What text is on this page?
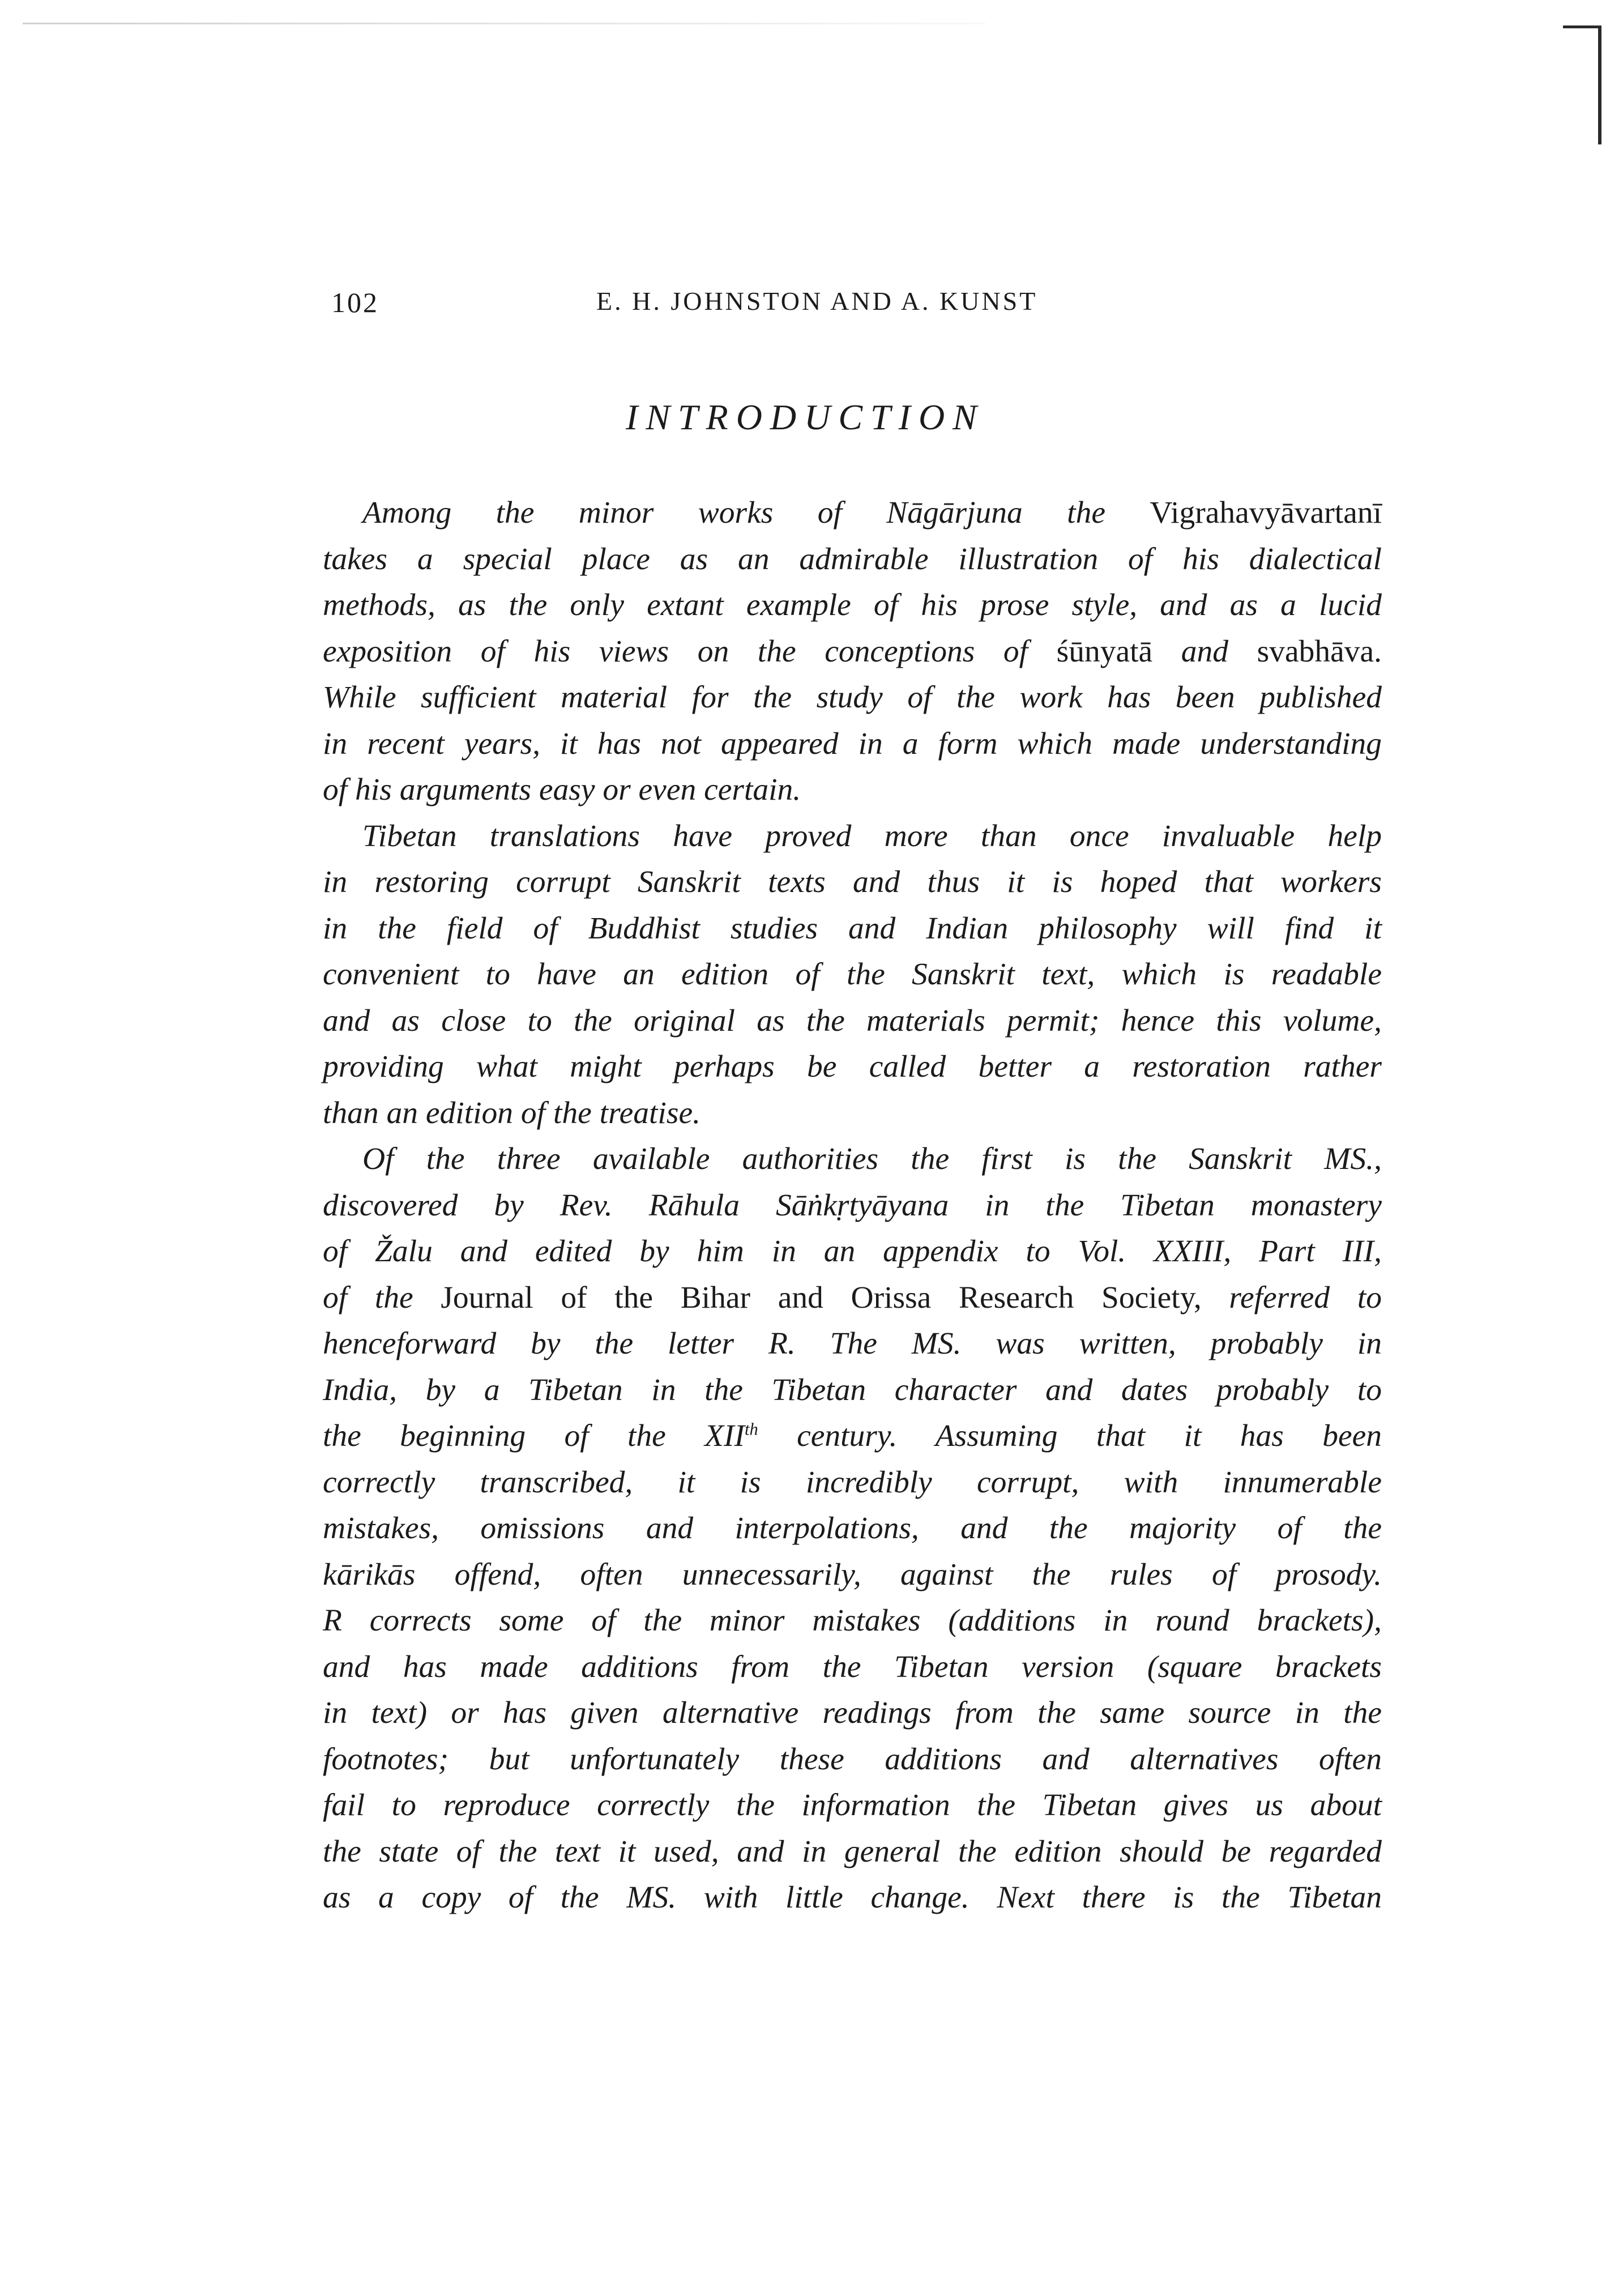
102	E. H. JOHNSTON AND A. KUNST
INTRODUCTION
Among the minor works of Nāgārjuna the Vigrahavyāvartanī
takes a special place as an admirable illustration of his dialectical
methods, as the only extant example of his prose style, and as a lucid
exposition of his views on the conceptions of śūnyatā and svabhāva.
While sufficient material for the study of the work has been published
in recent years, it has not appeared in a form which made understanding
of his arguments easy or even certain.
Tibetan translations have proved more than once invaluable help
in restoring corrupt Sanskrit texts and thus it is hoped that workers
in the field of Buddhist studies and Indian philosophy will find it
convenient to have an edition of the Sanskrit text, which is readable
and as close to the original as the materials permit; hence this volume,
providing what might perhaps be called better a restoration rather
than an edition of the treatise.
Of the three available authorities the first is the Sanskrit MS.,
discovered by Rev. Rāhula Sāṅkṛtyāyana in the Tibetan monastery
of Žalu and edited by him in an appendix to Vol. XXIII, Part III,
of the Journal of the Bihar and Orissa Research Society, referred to
henceforward by the letter R. The MS. was written, probably in
India, by a Tibetan in the Tibetan character and dates probably to
the beginning of the XIIth century. Assuming that it has been
correctly transcribed, it is incredibly corrupt, with innumerable
mistakes, omissions and interpolations, and the majority of the
kārikās offend, often unnecessarily, against the rules of prosody.
R corrects some of the minor mistakes (additions in round brackets),
and has made additions from the Tibetan version (square brackets
in text) or has given alternative readings from the same source in the
footnotes; but unfortunately these additions and alternatives often
fail to reproduce correctly the information the Tibetan gives us about
the state of the text it used, and in general the edition should be regarded
as a copy of the MS. with little change. Next there is the Tibetan
